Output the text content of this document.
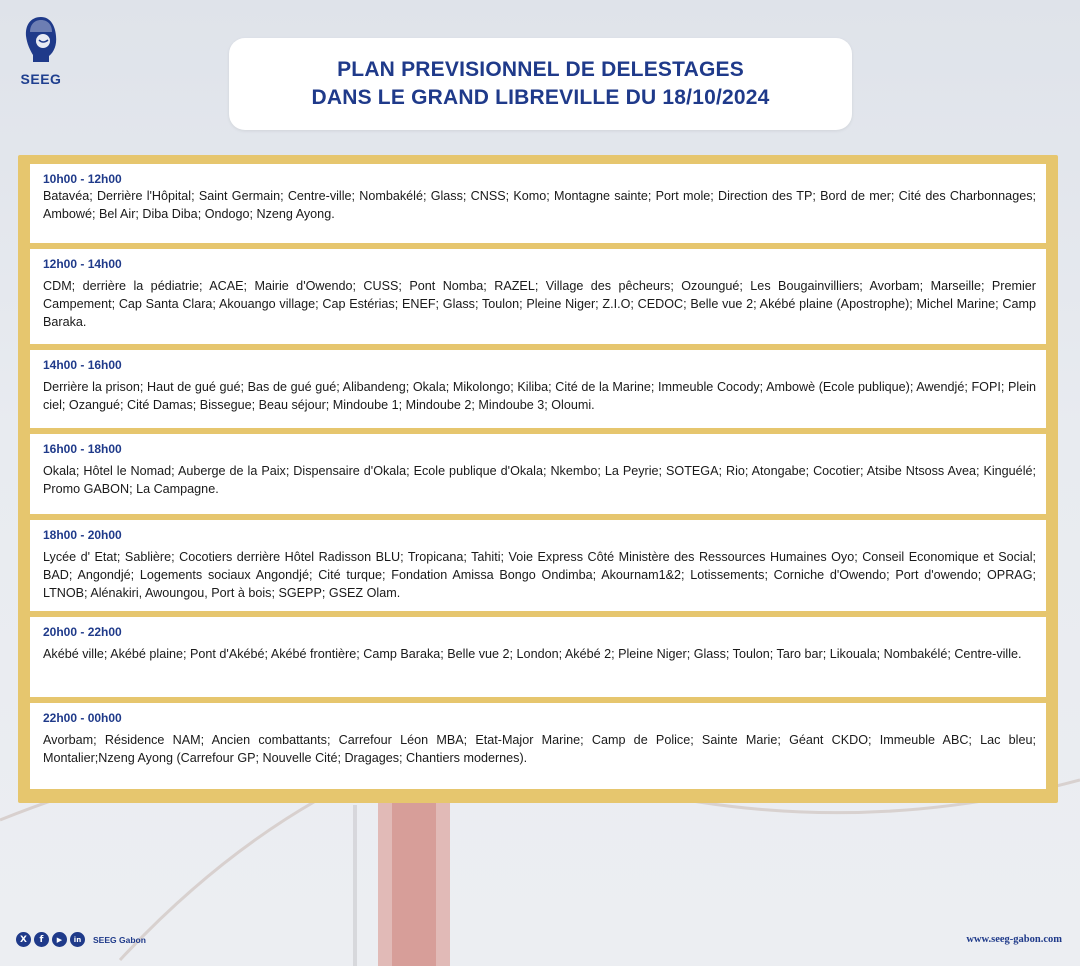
SEEG	PLAN PREVISIONNEL DE DELESTAGES
DANS LE GRAND LIBREVILLE DU 18/10/2024
10h00 - 12h00
Batavéa; Derrière l'Hôpital; Saint Germain; Centre-ville; Nombakélé; Glass; CNSS; Komo; Montagne sainte; Port mole; Direction des TP; Bord de mer; Cité des Charbonnages; Ambowé; Bel Air; Diba Diba; Ondogo; Nzeng Ayong.
12h00 - 14h00
CDM; derrière la pédiatrie; ACAE; Mairie d'Owendo; CUSS; Pont Nomba; RAZEL; Village des pêcheurs; Ozoungué; Les Bougainvilliers; Avorbam; Marseille; Premier Campement; Cap Santa Clara; Akouango village; Cap Estérias; ENEF; Glass; Toulon; Pleine Niger; Z.I.O; CEDOC; Belle vue 2; Akébé plaine (Apostrophe); Michel Marine; Camp Baraka.
14h00 - 16h00
Derrière la prison; Haut de gué gué; Bas de gué gué; Alibandeng; Okala; Mikolongo; Kiliba; Cité de la Marine; Immeuble Cocody; Ambowè (Ecole publique); Awendjé; FOPI; Plein ciel; Ozangué; Cité Damas; Bissegue; Beau séjour; Mindoube 1; Mindoube 2; Mindoube 3; Oloumi.
16h00 - 18h00
Okala; Hôtel le Nomad; Auberge de la Paix; Dispensaire d'Okala; Ecole publique d'Okala; Nkembo; La Peyrie; SOTEGA; Rio; Atongabe; Cocotier; Atsibe Ntsoss Avea; Kinguélé; Promo GABON; La Campagne.
18h00 - 20h00
Lycée d' Etat; Sablière; Cocotiers derrière Hôtel Radisson BLU; Tropicana; Tahiti; Voie Express Côté Ministère des Ressources Humaines Oyo; Conseil Economique et Social; BAD; Angondjé; Logements sociaux Angondjé; Cité turque; Fondation Amissa Bongo Ondimba; Akournam1&2; Lotissements; Corniche d'Owendo; Port d'owendo; OPRAG; LTNOB; Alénakiri, Awoungou, Port à bois; SGEPP; GSEZ Olam.
20h00 - 22h00
Akébé ville; Akébé plaine; Pont d'Akébé; Akébé frontière; Camp Baraka; Belle vue 2; London; Akébé 2; Pleine Niger; Glass; Toulon; Taro bar; Likouala; Nombakélé; Centre-ville.
22h00 - 00h00
Avorbam; Résidence NAM; Ancien combattants; Carrefour Léon MBA; Etat-Major Marine; Camp de Police; Sainte Marie; Géant CKDO; Immeuble ABC; Lac bleu; Montalier;Nzeng Ayong (Carrefour GP; Nouvelle Cité; Dragages; Chantiers modernes).
X	f	▶	in	SEEG Gabon	www.seeg-gabon.com
